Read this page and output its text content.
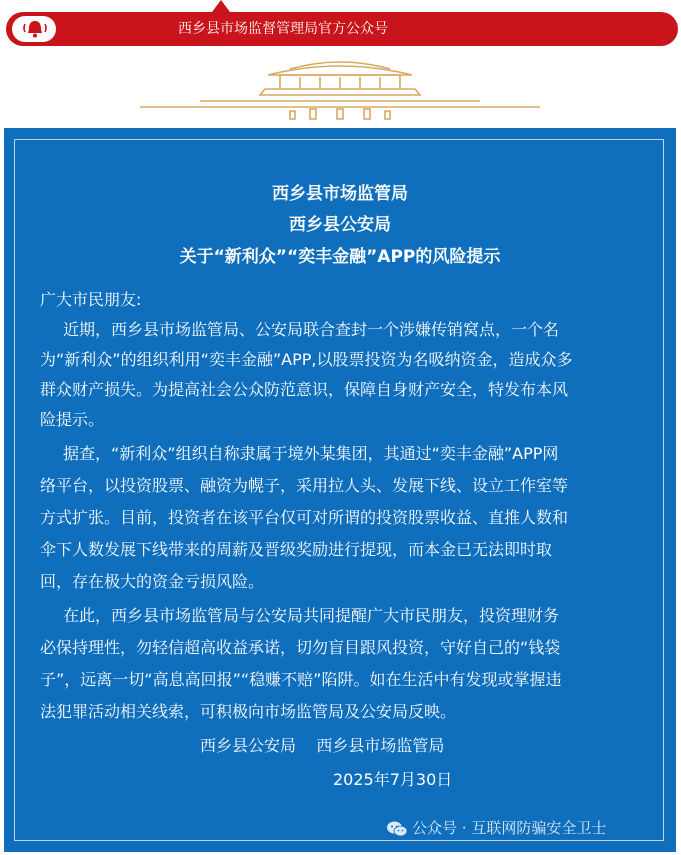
西乡县市场监督管理局官方公众号
西乡县市场监管局
西乡县公安局
关于“新利众”“奕丰金融”APP的风险提示
广大市民朋友:
近期，西乡县市场监管局、公安局联合查封一个涉嫌传销窝点，一个名
为“新利众”的组织利用“奕丰金融”APP,以股票投资为名吸纳资金，造成众多
群众财产损失。为提高社会公众防范意识，保障自身财产安全，特发布本风
险提示。
据查，“新利众”组织自称隶属于境外某集团，其通过“奕丰金融”APP网
络平台，以投资股票、融资为幌子，采用拉人头、发展下线、设立工作室等
方式扩张。目前，投资者在该平台仅可对所谓的投资股票收益、直推人数和
伞下人数发展下线带来的周薪及晋级奖励进行提现，而本金已无法即时取
回，存在极大的资金亏损风险。
在此，西乡县市场监管局与公安局共同提醒广大市民朋友，投资理财务
必保持理性，勿轻信超高收益承诺，切勿盲目跟风投资，守好自己的“钱袋
子”，远离一切“高息高回报”“稳赚不赔”陷阱。如在生活中有发现或掌握违
法犯罪活动相关线索，可积极向市场监管局及公安局反映。
西乡县公安局    西乡县市场监管局
2025年7月30日
公众号 · 互联网防骗安全卫士
